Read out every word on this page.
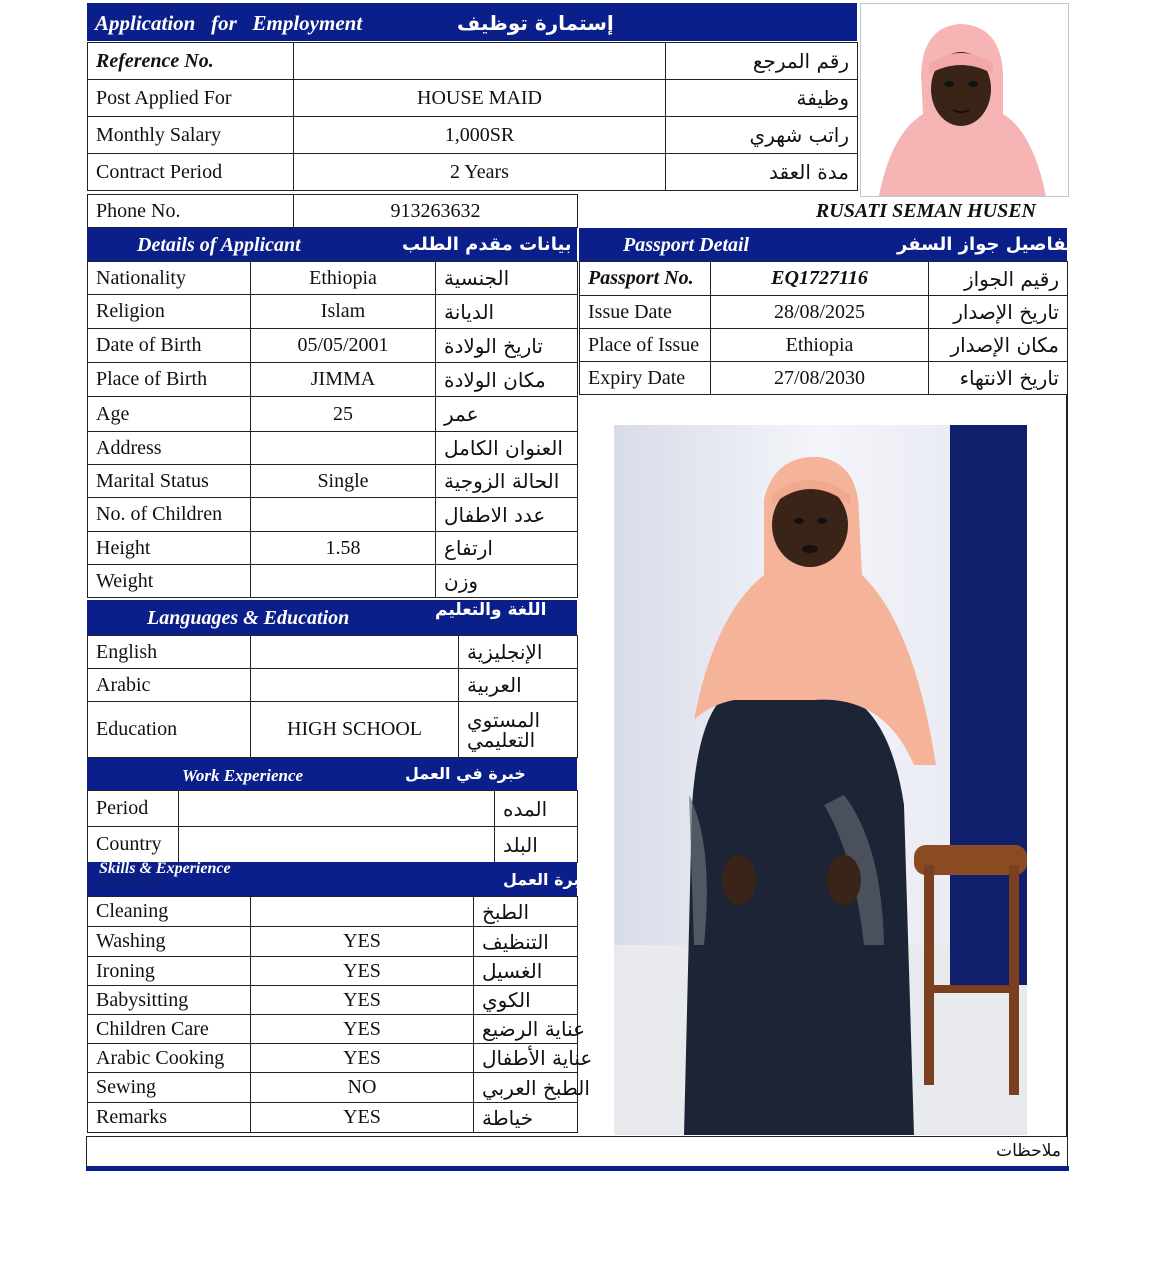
Application   for   Employment	إستمارة توظيف
Reference No.		رقم المرجع
Post Applied For	HOUSE MAID	وظيفة
Monthly Salary	1,000SR	راتب شهري
Contract Period	2 Years	مدة العقد
Phone No.	913263632	RUSATI SEMAN HUSEN
Details of Applicant	بيانات مقدم الطلب
Nationality	Ethiopia	الجنسية
Religion	Islam	الديانة
Date of Birth	05/05/2001	تاريخ الولادة
Place of Birth	JIMMA	مكان الولادة
Age	25	عمر
Address		العنوان الكامل
Marital Status	Single	الحالة الزوجية
No. of Children		عدد الاطفال
Height	1.58	ارتفاع
Weight		وزن
Passport Detail	تفاصيل جواز السفر
Passport No.	EQ1727116	رقيم الجواز
Issue Date	28/08/2025	تاريخ الإصدار
Place of Issue	Ethiopia	مكان الإصدار
Expiry Date	27/08/2030	تاريخ الانتهاء
Languages & Education	اللغة والتعليم
English		الإنجليزية
Arabic		العربية
Education	HIGH SCHOOL	المستوي التعليمي
Work Experience	خبرة في العمل
Period		المده
Country		البلد
Cooking
Skills & Experience
خبرة العمل
Cleaning		الطبخ
Washing	YES	التنظيف
Ironing	YES	الغسيل
Babysitting	YES	الكوي
Children Care	YES	عناية الرضيع
Arabic Cooking	YES	عناية الأطفال
Sewing	NO	الطبخ العربي
Remarks	YES	خياطة
ملاحظات
